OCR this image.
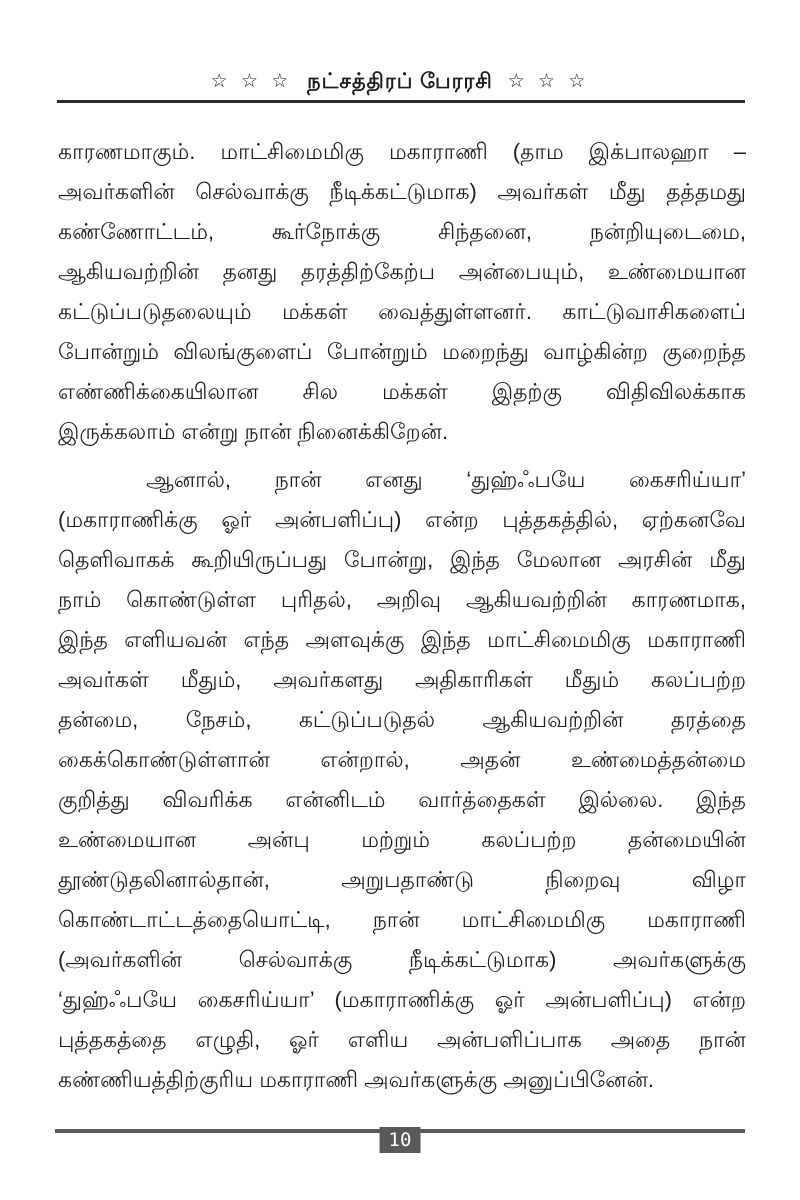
☆ ☆ ☆ நட்சத்திரப் பேரரசி ☆ ☆ ☆
காரணமாகும். மாட்சிமைமிகு மகாராணி (தாம இக்பாலஹா –
அவர்களின் செல்வாக்கு நீடிக்கட்டுமாக) அவர்கள் மீது தத்தமது
கண்ணோட்டம், கூர்நோக்கு சிந்தனை, நன்றியுடைமை,
ஆகியவற்றின் தனது தரத்திற்கேற்ப அன்பையும், உண்மையான
கட்டுப்படுதலையும் மக்கள் வைத்துள்ளனர். காட்டுவாசிகளைப்
போன்றும் விலங்குளைப் போன்றும் மறைந்து வாழ்கின்ற குறைந்த
எண்ணிக்கையிலான சில மக்கள் இதற்கு விதிவிலக்காக
இருக்கலாம் என்று நான் நினைக்கிறேன்.
ஆனால், நான் எனது ‘துஹ்ஃபயே கைசரிய்யா’
(மகாராணிக்கு ஓர் அன்பளிப்பு) என்ற புத்தகத்தில், ஏற்கனவே
தெளிவாகக் கூறியிருப்பது போன்று, இந்த மேலான அரசின் மீது
நாம் கொண்டுள்ள புரிதல், அறிவு ஆகியவற்றின் காரணமாக,
இந்த எளியவன் எந்த அளவுக்கு இந்த மாட்சிமைமிகு மகாராணி
அவர்கள் மீதும், அவர்களது அதிகாரிகள் மீதும் கலப்பற்ற
தன்மை, நேசம், கட்டுப்படுதல் ஆகியவற்றின் தரத்தை
கைக்கொண்டுள்ளான் என்றால், அதன் உண்மைத்தன்மை
குறித்து விவரிக்க என்னிடம் வார்த்தைகள் இல்லை. இந்த
உண்மையான அன்பு மற்றும் கலப்பற்ற தன்மையின்
தூண்டுதலினால்தான், அறுபதாண்டு நிறைவு விழா
கொண்டாட்டத்தையொட்டி, நான் மாட்சிமைமிகு மகாராணி
(அவர்களின் செல்வாக்கு நீடிக்கட்டுமாக) அவர்களுக்கு
‘துஹ்ஃபயே கைசரிய்யா’ (மகாராணிக்கு ஓர் அன்பளிப்பு) என்ற
புத்தகத்தை எழுதி, ஓர் எளிய அன்பளிப்பாக அதை நான்
கண்ணியத்திற்குரிய மகாராணி அவர்களுக்கு அனுப்பினேன்.
10
